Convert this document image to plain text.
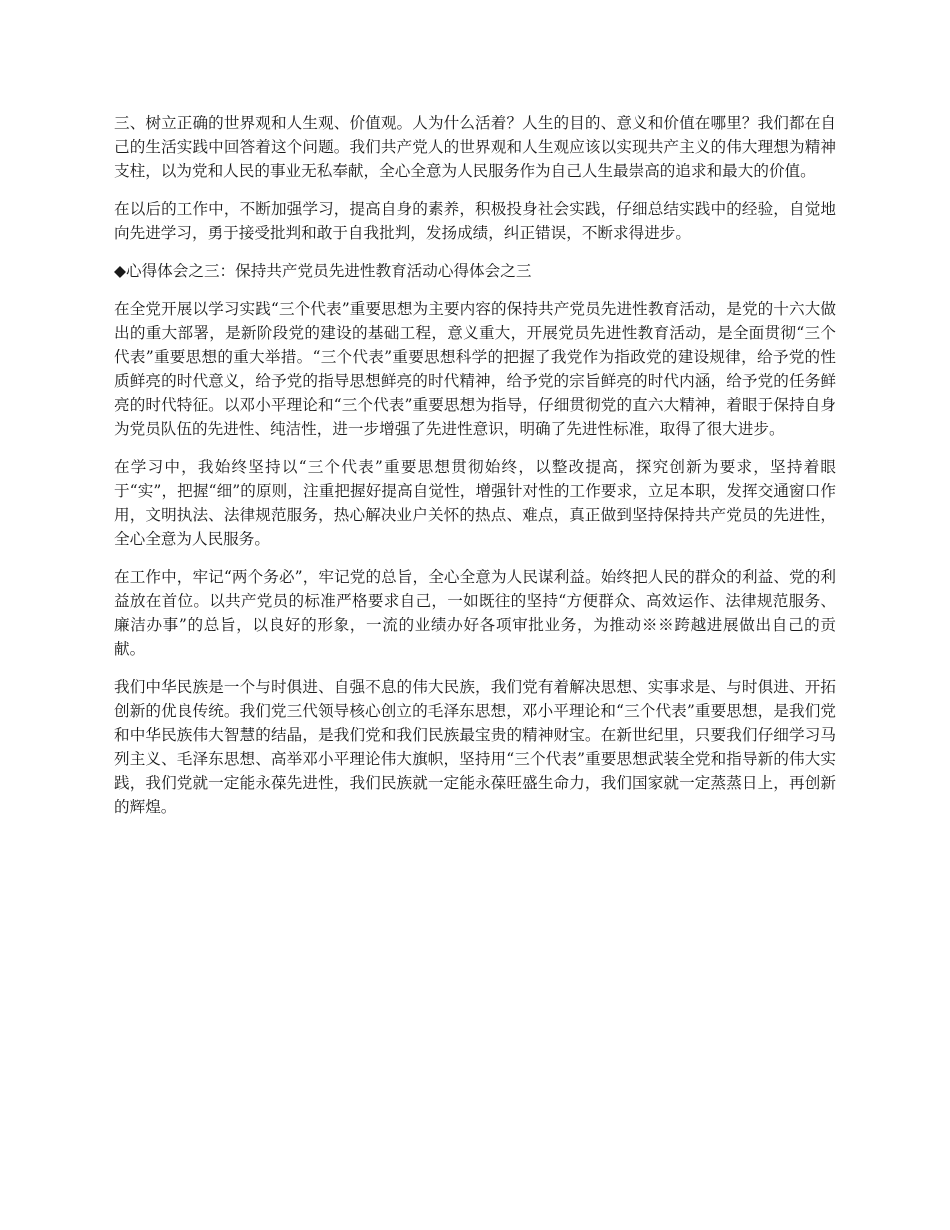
三、树立正确的世界观和人生观、价值观。人为什么活着？人生的目的、意义和价值在哪里？我们都在自己的生活实践中回答着这个问题。我们共产党人的世界观和人生观应该以实现共产主义的伟大理想为精神支柱，以为党和人民的事业无私奉献，全心全意为人民服务作为自己人生最崇高的追求和最大的价值。

在以后的工作中，不断加强学习，提高自身的素养，积极投身社会实践，仔细总结实践中的经验，自觉地向先进学习，勇于接受批判和敢于自我批判，发扬成绩，纠正错误，不断求得进步。

◆心得体会之三：保持共产党员先进性教育活动心得体会之三

在全党开展以学习实践“三个代表”重要思想为主要内容的保持共产党员先进性教育活动，是党的十六大做出的重大部署，是新阶段党的建设的基础工程，意义重大，开展党员先进性教育活动，是全面贯彻“三个代表”重要思想的重大举措。“三个代表”重要思想科学的把握了我党作为指政党的建设规律，给予党的性质鲜亮的时代意义，给予党的指导思想鲜亮的时代精神，给予党的宗旨鲜亮的时代内涵，给予党的任务鲜亮的时代特征。以邓小平理论和“三个代表”重要思想为指导，仔细贯彻党的直六大精神，着眼于保持自身为党员队伍的先进性、纯洁性，进一步增强了先进性意识，明确了先进性标准，取得了很大进步。

在学习中，我始终坚持以“三个代表”重要思想贯彻始终，以整改提高，探究创新为要求，坚持着眼于“实”，把握“细”的原则，注重把握好提高自觉性，增强针对性的工作要求，立足本职，发挥交通窗口作用，文明执法、法律规范服务，热心解决业户关怀的热点、难点，真正做到坚持保持共产党员的先进性，全心全意为人民服务。

在工作中，牢记“两个务必”，牢记党的总旨，全心全意为人民谋利益。始终把人民的群众的利益、党的利益放在首位。以共产党员的标准严格要求自己，一如既往的坚持“方便群众、高效运作、法律规范服务、廉洁办事”的总旨，以良好的形象，一流的业绩办好各项审批业务，为推动※※跨越进展做出自己的贡献。

我们中华民族是一个与时俱进、自强不息的伟大民族，我们党有着解决思想、实事求是、与时俱进、开拓创新的优良传统。我们党三代领导核心创立的毛泽东思想，邓小平理论和“三个代表”重要思想，是我们党和中华民族伟大智慧的结晶，是我们党和我们民族最宝贵的精神财宝。在新世纪里，只要我们仔细学习马列主义、毛泽东思想、高举邓小平理论伟大旗帜，坚持用“三个代表”重要思想武装全党和指导新的伟大实践，我们党就一定能永葆先进性，我们民族就一定能永葆旺盛生命力，我们国家就一定蒸蒸日上，再创新的辉煌。
